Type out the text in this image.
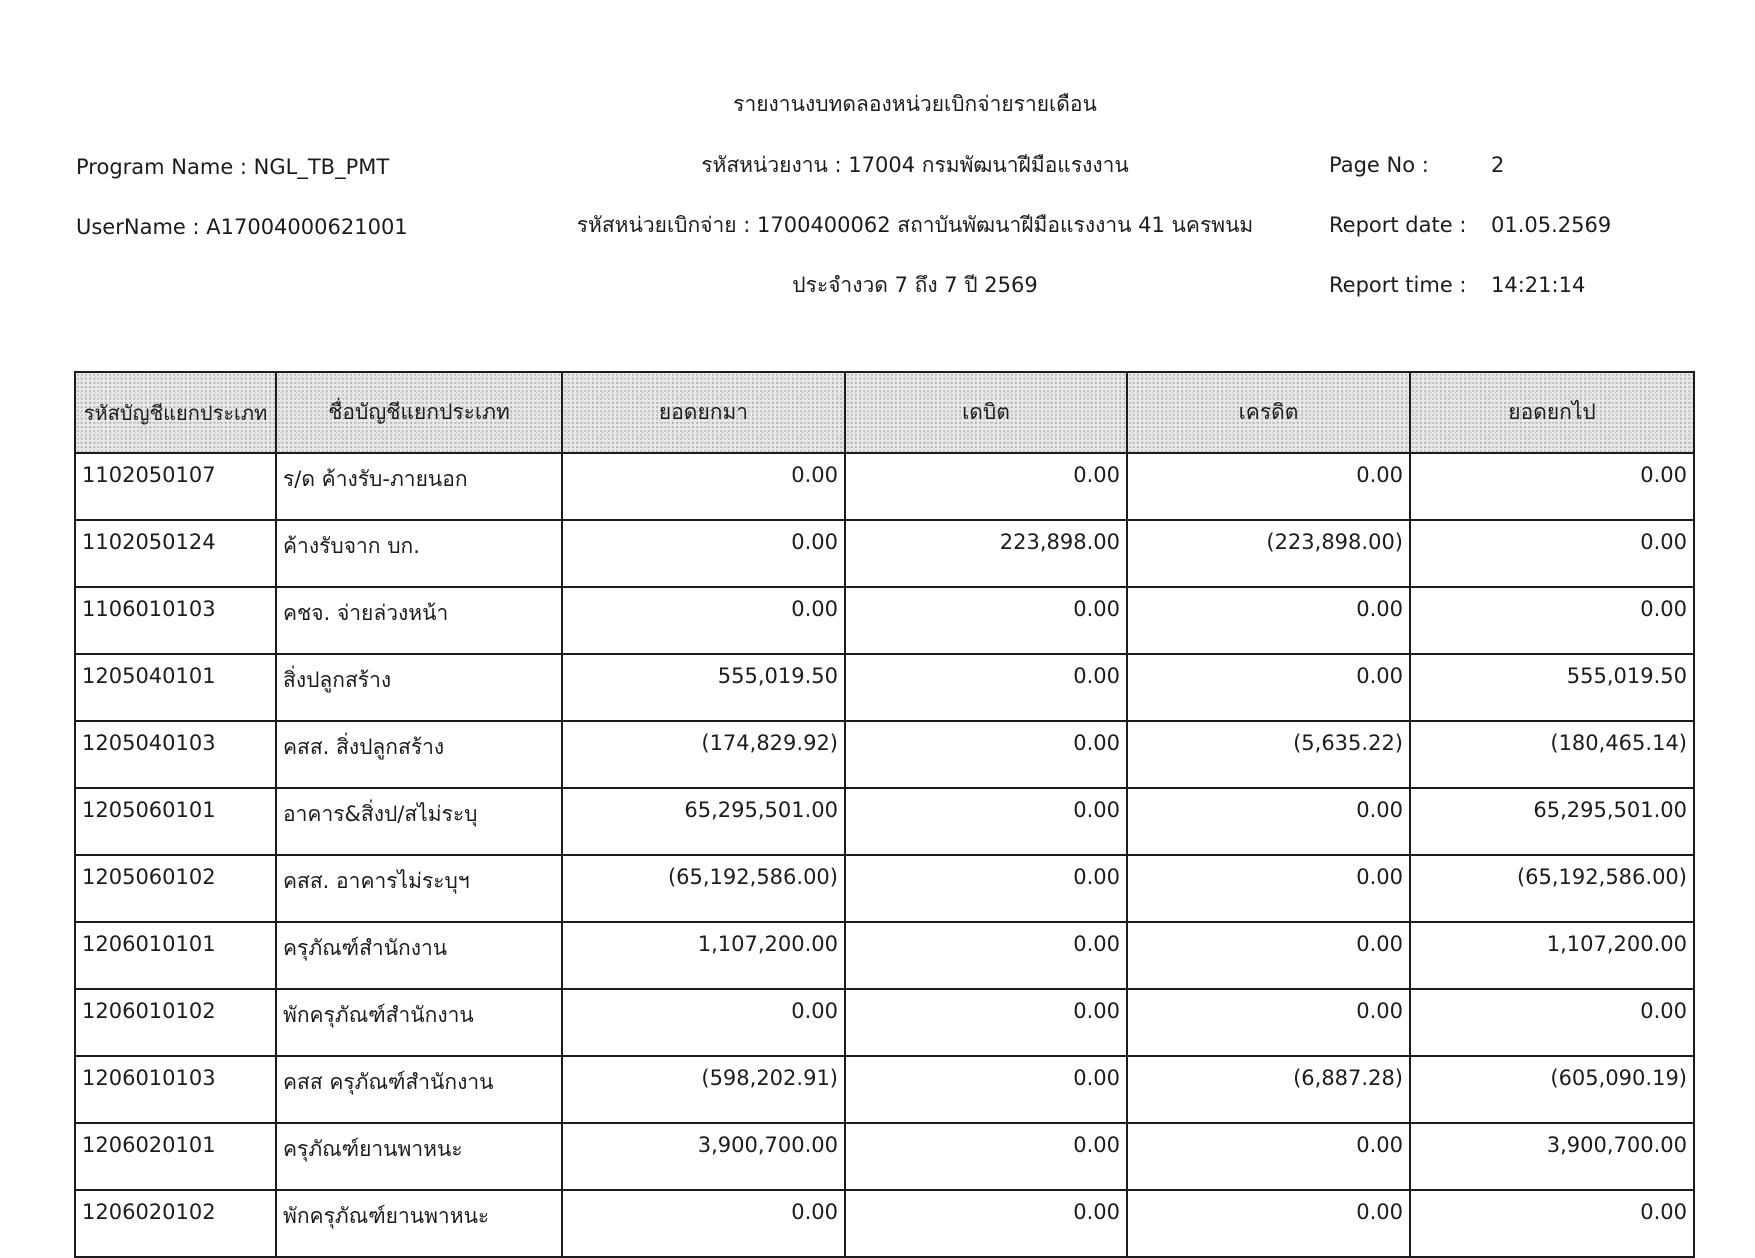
รายงานงบทดลองหน่วยเบิกจ่ายรายเดือน
Program Name : NGL_TB_PMT	รหัสหน่วยงาน : 17004 กรมพัฒนาฝีมือแรงงาน	Page No :	2
UserName : A17004000621001	รหัสหน่วยเบิกจ่าย : 1700400062 สถาบันพัฒนาฝีมือแรงงาน 41 นครพนม	Report date : 01.05.2569
ประจำงวด 7 ถึง 7 ปี 2569	Report time : 14:21:14
รหัสบัญชีแยกประเภท	ชื่อบัญชีแยกประเภท	ยอดยกมา	เดบิต	เครดิต	ยอดยกไป
1102050107	ร/ด ค้างรับ-ภายนอก	0.00	0.00	0.00	0.00
1102050124	ค้างรับจาก บก.	0.00	223,898.00	(223,898.00)	0.00
1106010103	คชจ. จ่ายล่วงหน้า	0.00	0.00	0.00	0.00
1205040101	สิ่งปลูกสร้าง	555,019.50	0.00	0.00	555,019.50
1205040103	คสส. สิ่งปลูกสร้าง	(174,829.92)	0.00	(5,635.22)	(180,465.14)
1205060101	อาคาร&สิ่งป/สไม่ระบุ	65,295,501.00	0.00	0.00	65,295,501.00
1205060102	คสส. อาคารไม่ระบุฯ	(65,192,586.00)	0.00	0.00	(65,192,586.00)
1206010101	ครุภัณฑ์สำนักงาน	1,107,200.00	0.00	0.00	1,107,200.00
1206010102	พักครุภัณฑ์สำนักงาน	0.00	0.00	0.00	0.00
1206010103	คสส ครุภัณฑ์สำนักงาน	(598,202.91)	0.00	(6,887.28)	(605,090.19)
1206020101	ครุภัณฑ์ยานพาหนะ	3,900,700.00	0.00	0.00	3,900,700.00
1206020102	พักครุภัณฑ์ยานพาหนะ	0.00	0.00	0.00	0.00
